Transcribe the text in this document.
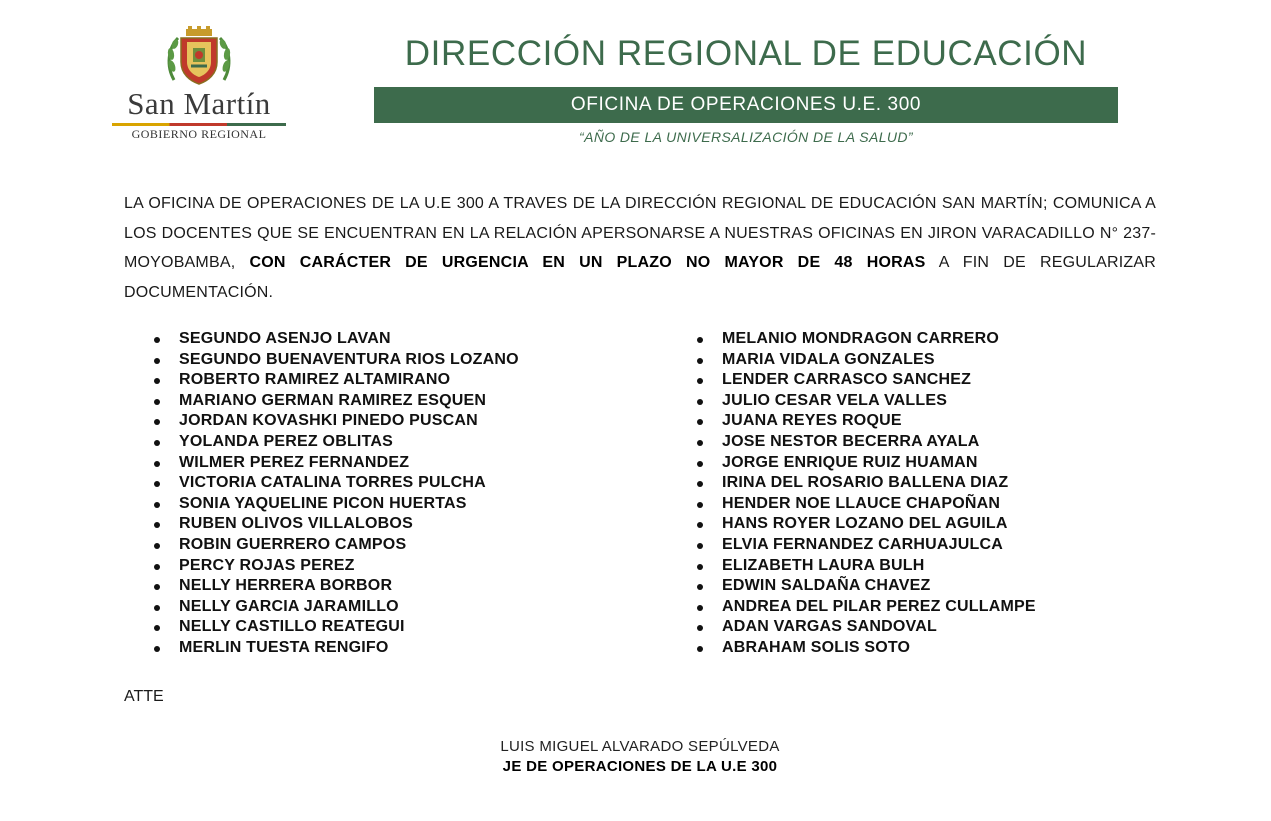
San Martín
GOBIERNO REGIONAL
DIRECCIÓN REGIONAL DE EDUCACIÓN
OFICINA DE OPERACIONES U.E. 300
“AÑO DE LA UNIVERSALIZACIÓN DE LA SALUD”
LA OFICINA DE OPERACIONES DE LA U.E 300 A TRAVES DE LA DIRECCIÓN REGIONAL DE EDUCACIÓN SAN MARTÍN; COMUNICA A LOS DOCENTES QUE SE ENCUENTRAN EN LA RELACIÓN APERSONARSE A NUESTRAS OFICINAS EN JIRON VARACADILLO N° 237-MOYOBAMBA, CON CARÁCTER DE URGENCIA EN UN PLAZO NO MAYOR DE 48 HORAS A FIN DE REGULARIZAR DOCUMENTACIÓN.
SEGUNDO ASENJO LAVAN
SEGUNDO BUENAVENTURA RIOS LOZANO
ROBERTO RAMIREZ ALTAMIRANO
MARIANO GERMAN RAMIREZ ESQUEN
JORDAN KOVASHKI PINEDO PUSCAN
YOLANDA PEREZ OBLITAS
WILMER PEREZ FERNANDEZ
VICTORIA CATALINA TORRES PULCHA
SONIA YAQUELINE PICON HUERTAS
RUBEN OLIVOS VILLALOBOS
ROBIN GUERRERO CAMPOS
PERCY ROJAS PEREZ
NELLY HERRERA BORBOR
NELLY GARCIA JARAMILLO
NELLY CASTILLO REATEGUI
MERLIN TUESTA RENGIFO
MELANIO MONDRAGON CARRERO
MARIA VIDALA GONZALES
LENDER CARRASCO SANCHEZ
JULIO CESAR VELA VALLES
JUANA REYES ROQUE
JOSE NESTOR BECERRA AYALA
JORGE ENRIQUE RUIZ HUAMAN
IRINA DEL ROSARIO BALLENA DIAZ
HENDER NOE LLAUCE CHAPOÑAN
HANS ROYER LOZANO DEL AGUILA
ELVIA FERNANDEZ CARHUAJULCA
ELIZABETH LAURA BULH
EDWIN SALDAÑA CHAVEZ
ANDREA DEL PILAR PEREZ CULLAMPE
ADAN VARGAS SANDOVAL
ABRAHAM SOLIS SOTO
ATTE
LUIS MIGUEL ALVARADO SEPÚLVEDA
JE DE OPERACIONES DE LA U.E 300
